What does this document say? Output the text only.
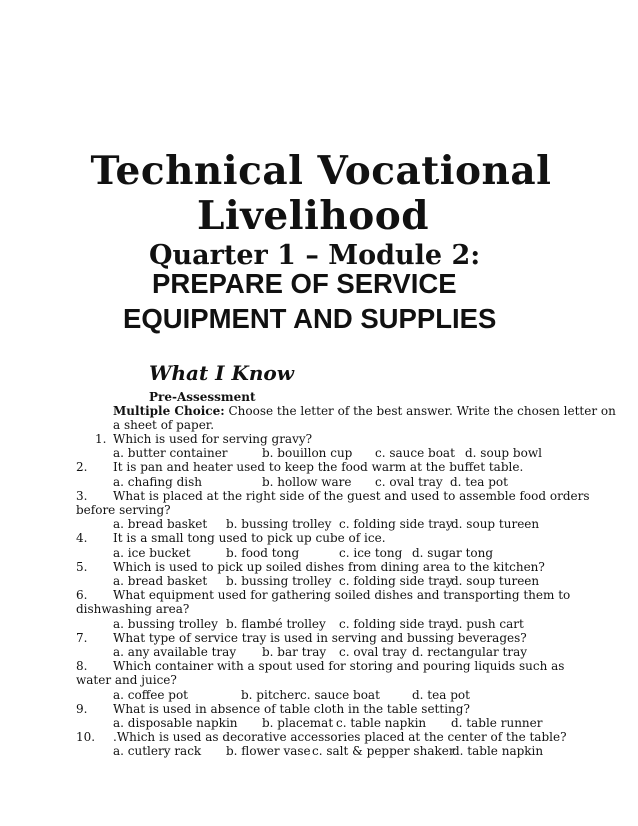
Technical Vocational
Livelihood
Quarter 1 – Module 2:
PREPARE OF SERVICE
EQUIPMENT AND SUPPLIES
What I Know
Pre-Assessment
Multiple Choice: Choose the letter of the best answer. Write the chosen letter on
a sheet of paper.
1. Which is used for serving gravy?
a. butter container	b. bouillon cup c. sauce boat d. soup bowl
2. It is pan and heater used to keep the food warm at the buffet table.
a. chafing dish	b. hollow ware c. oval tray d. tea pot
3. What is placed at the right side of the guest and used to assemble food orders
before serving?
a. bread basket b. bussing trolley c. folding side tray
d. soup tureen
4. It is a small tong used to pick up cube of ice.
a. ice bucket	b. food tong	c. ice tong d. sugar tong
5. Which is used to pick up soiled dishes from dining area to the kitchen?
a. bread basket b. bussing trolley c. folding side tray
d. soup tureen
6. What equipment used for gathering soiled dishes and transporting them to
dishwashing area?
a. bussing trolley b. flambé trolley c. folding side tray
d. push cart
7. What type of service tray is used in serving and bussing beverages?
a. any available tray b. bar tray c. oval tray d. rectangular tray
8. Which container with a spout used for storing and pouring liquids such as
water and juice?
a. coffee pot	b. pitcher c. sauce boat	d. tea pot
9. What is used in absence of table cloth in the table setting?
a. disposable napkin b. placemat c. table napkin d. table runner
10. .Which is used as decorative accessories placed at the center of the table?
a. cutlery rack b. flower vase c. salt & pepper shaker
d. table napkin
